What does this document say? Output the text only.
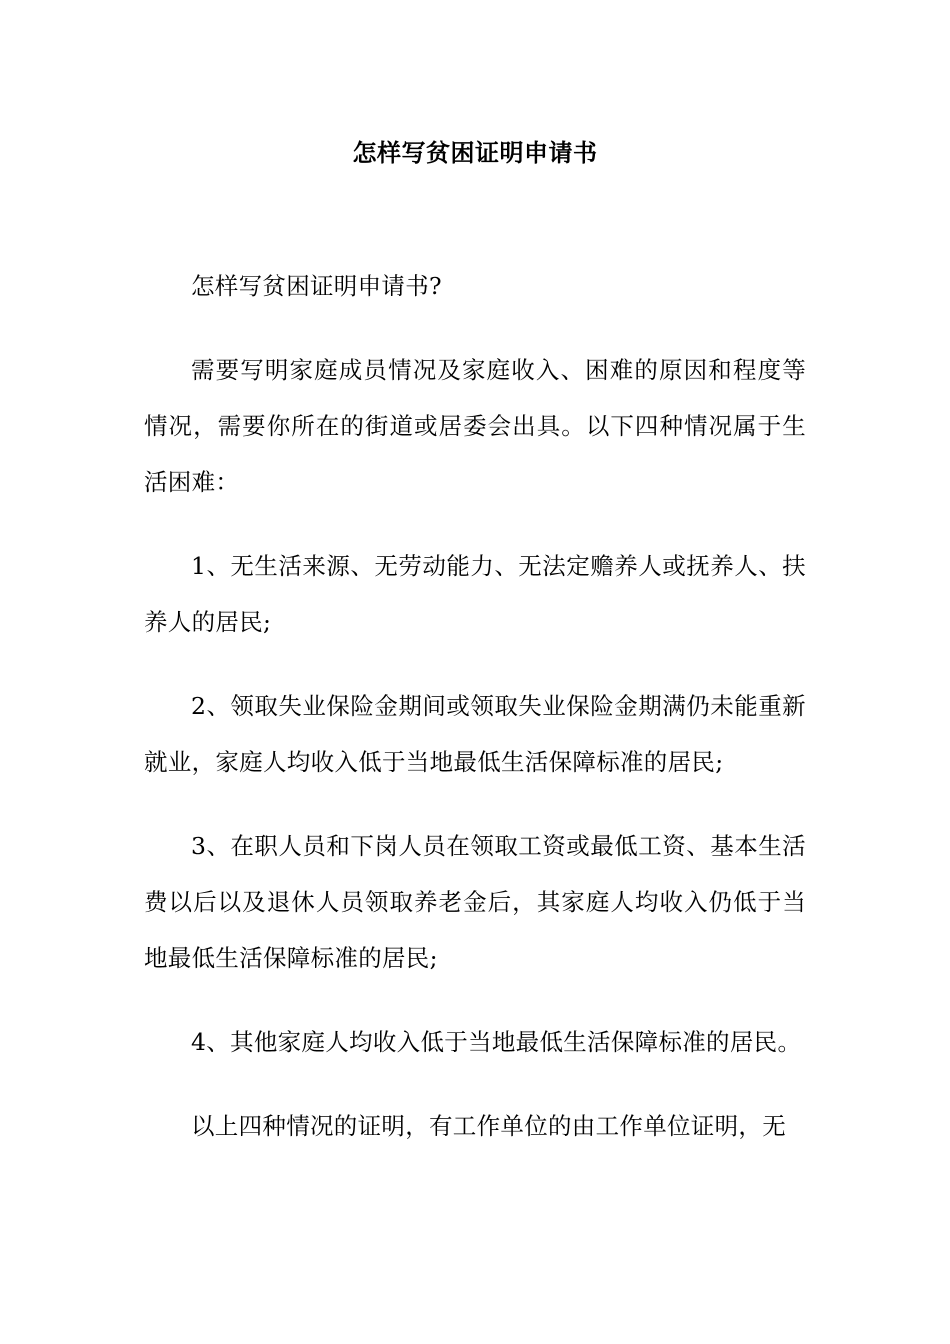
怎样写贫困证明申请书

怎样写贫困证明申请书?

需要写明家庭成员情况及家庭收入、困难的原因和程度等情况，需要你所在的街道或居委会出具。以下四种情况属于生活困难：

1、无生活来源、无劳动能力、无法定赡养人或抚养人、扶养人的居民;

2、领取失业保险金期间或领取失业保险金期满仍未能重新就业，家庭人均收入低于当地最低生活保障标准的居民;

3、在职人员和下岗人员在领取工资或最低工资、基本生活费以后以及退休人员领取养老金后，其家庭人均收入仍低于当地最低生活保障标准的居民;

4、其他家庭人均收入低于当地最低生活保障标准的居民。

以上四种情况的证明，有工作单位的由工作单位证明，无
